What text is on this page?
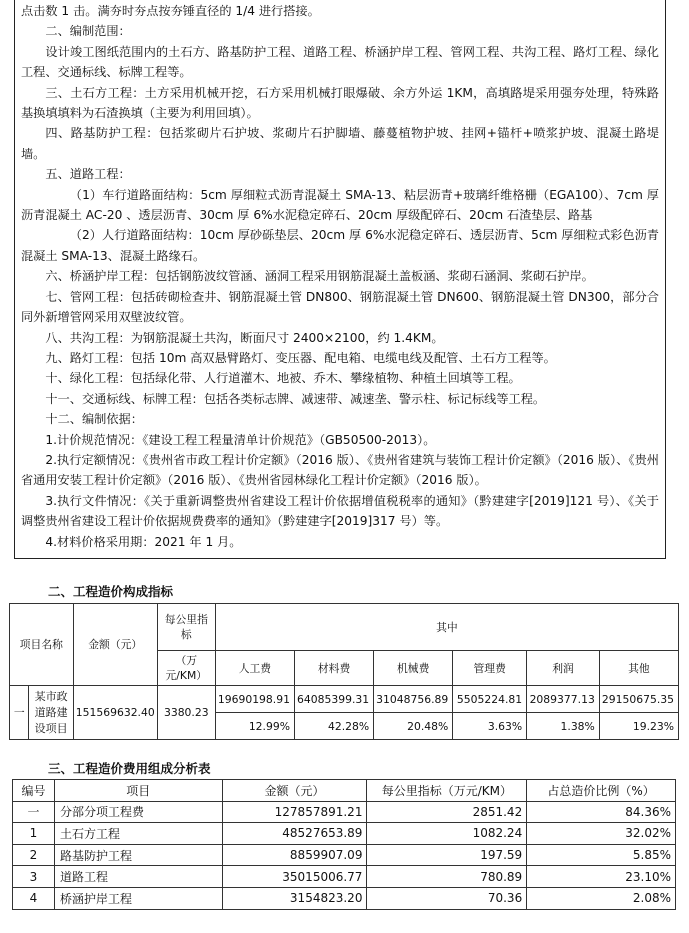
点击数 1 击。满夯时夯点按夯锤直径的 1/4 进行搭接。

二、编制范围：

设计竣工图纸范围内的土石方、路基防护工程、道路工程、桥涵护岸工程、管网工程、共沟工程、路灯工程、绿化工程、交通标线、标牌工程等。

三、土石方工程：土方采用机械开挖，石方采用机械打眼爆破、余方外运 1KM，高填路堤采用强夯处理，特殊路基换填填料为石渣换填（主要为利用回填）。

四、路基防护工程：包括浆砌片石护坡、浆砌片石护脚墙、藤蔓植物护坡、挂网+锚杆+喷浆护坡、混凝土路堤墙。

五、道路工程：

（1）车行道路面结构：5cm 厚细粒式沥青混凝土 SMA-13、粘层沥青+玻璃纤维格栅（EGA100）、7cm 厚沥青混凝土 AC-20 、透层沥青、30cm 厚 6%水泥稳定碎石、20cm 厚级配碎石、20cm 石渣垫层、路基

（2）人行道路面结构：10cm 厚砂砾垫层、20cm 厚 6%水泥稳定碎石、透层沥青、5cm 厚细粒式彩色沥青混凝土 SMA-13、混凝土路缘石。

六、桥涵护岸工程：包括钢筋波纹管涵、涵洞工程采用钢筋混凝土盖板涵、浆砌石涵洞、浆砌石护岸。

七、管网工程：包括砖砌检查井、钢筋混凝土管 DN800、钢筋混凝土管 DN600、钢筋混凝土管 DN300，部分合同外新增管网采用双壁波纹管。

八、共沟工程：为钢筋混凝土共沟，断面尺寸 2400×2100，约 1.4KM。

九、路灯工程：包括 10m 高双悬臂路灯、变压器、配电箱、电缆电线及配管、土石方工程等。

十、绿化工程：包括绿化带、人行道灌木、地被、乔木、攀缘植物、种植土回填等工程。

十一、交通标线、标牌工程：包括各类标志牌、减速带、减速垄、警示柱、标记标线等工程。

十二、编制依据：

1.计价规范情况：《建设工程工程量清单计价规范》（GB50500-2013）。

2.执行定额情况：《贵州省市政工程计价定额》（2016 版）、《贵州省建筑与装饰工程计价定额》（2016 版）、《贵州省通用安装工程计价定额》（2016 版）、《贵州省园林绿化工程计价定额》（2016 版）。

3.执行文件情况：《关于重新调整贵州省建设工程计价依据增值税税率的通知》（黔建建字[2019]121 号）、《关于调整贵州省建设工程计价依据规费费率的通知》（黔建建字[2019]317 号）等。

4.材料价格采用期：2021 年 1 月。

二、工程造价构成指标
项目名称		金额（元）	每公里指标	其中					

			（万元/KM）	人工费	材料费	机械费	管理费	利润	其他
一	某市政道路建设项目	151569632.40	3380.23	19690198.91	64085399.31	31048756.89	5505224.81	2089377.13	29150675.35
				12.99%	42.28%	20.48%	3.63%	1.38%	19.23%
三、工程造价费用组成分析表
编号	项目	金额（元）	每公里指标（万元/KM）	占总造价比例（%）
一	分部分项工程费	127857891.21	2851.42	84.36%
1	土石方工程	48527653.89	1082.24	32.02%
2	路基防护工程	8859907.09	197.59	5.85%
3	道路工程	35015006.77	780.89	23.10%
4	桥涵护岸工程	3154823.20	70.36	2.08%
